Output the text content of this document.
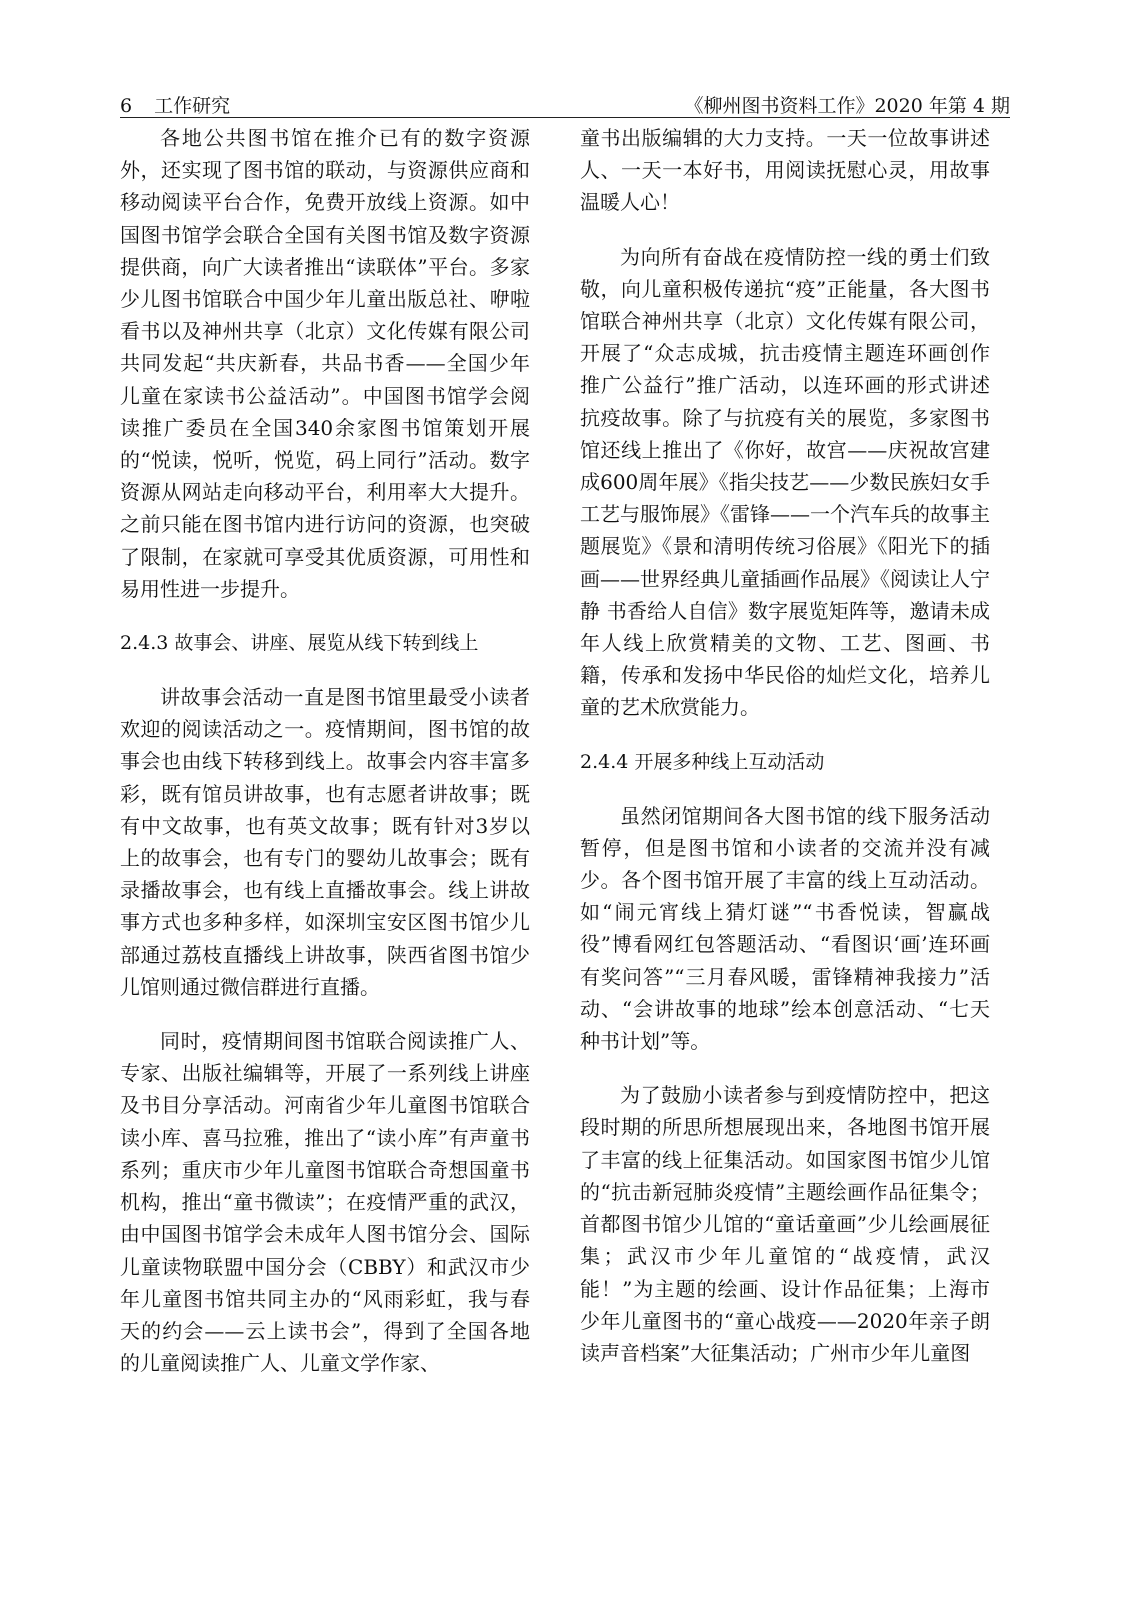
6 工作研究	《柳州图书资料工作》2020 年第 4 期

各地公共图书馆在推介已有的数字资源外，还实现了图书馆的联动，与资源供应商和移动阅读平台合作，免费开放线上资源。如中国图书馆学会联合全国有关图书馆及数字资源提供商，向广大读者推出“读联体”平台。多家少儿图书馆联合中国少年儿童出版总社、咿啦看书以及神州共享（北京）文化传媒有限公司共同发起“共庆新春，共品书香——全国少年儿童在家读书公益活动”。中国图书馆学会阅读推广委员在全国340余家图书馆策划开展的“悦读，悦听，悦览，码上同行”活动。数字资源从网站走向移动平台，利用率大大提升。之前只能在图书馆内进行访问的资源，也突破了限制，在家就可享受其优质资源，可用性和易用性进一步提升。

2.4.3 故事会、讲座、展览从线下转到线上

讲故事会活动一直是图书馆里最受小读者欢迎的阅读活动之一。疫情期间，图书馆的故事会也由线下转移到线上。故事会内容丰富多彩，既有馆员讲故事，也有志愿者讲故事；既有中文故事，也有英文故事；既有针对3岁以上的故事会，也有专门的婴幼儿故事会；既有录播故事会，也有线上直播故事会。线上讲故事方式也多种多样，如深圳宝安区图书馆少儿部通过荔枝直播线上讲故事，陕西省图书馆少儿馆则通过微信群进行直播。

同时，疫情期间图书馆联合阅读推广人、专家、出版社编辑等，开展了一系列线上讲座及书目分享活动。河南省少年儿童图书馆联合读小库、喜马拉雅，推出了“读小库”有声童书系列；重庆市少年儿童图书馆联合奇想国童书机构，推出“童书微读”；在疫情严重的武汉，由中国图书馆学会未成年人图书馆分会、国际儿童读物联盟中国分会（CBBY）和武汉市少年儿童图书馆共同主办的“风雨彩虹，我与春天的约会——云上读书会”，得到了全国各地的儿童阅读推广人、儿童文学作家、

童书出版编辑的大力支持。一天一位故事讲述人、一天一本好书，用阅读抚慰心灵，用故事温暖人心！

为向所有奋战在疫情防控一线的勇士们致敬，向儿童积极传递抗“疫”正能量，各大图书馆联合神州共享（北京）文化传媒有限公司，开展了“众志成城，抗击疫情主题连环画创作推广公益行”推广活动，以连环画的形式讲述抗疫故事。除了与抗疫有关的展览，多家图书馆还线上推出了《你好，故宫——庆祝故宫建成600周年展》《指尖技艺——少数民族妇女手工艺与服饰展》《雷锋——一个汽车兵的故事主题展览》《景和清明传统习俗展》《阳光下的插画——世界经典儿童插画作品展》《阅读让人宁静 书香给人自信》数字展览矩阵等，邀请未成年人线上欣赏精美的文物、工艺、图画、书籍，传承和发扬中华民俗的灿烂文化，培养儿童的艺术欣赏能力。

2.4.4 开展多种线上互动活动

虽然闭馆期间各大图书馆的线下服务活动暂停，但是图书馆和小读者的交流并没有减少。各个图书馆开展了丰富的线上互动活动。如“闹元宵线上猜灯谜”“书香悦读，智赢战役”博看网红包答题活动、“看图识‘画’连环画有奖问答”“三月春风暖，雷锋精神我接力”活动、“会讲故事的地球”绘本创意活动、“七天种书计划”等。

为了鼓励小读者参与到疫情防控中，把这段时期的所思所想展现出来，各地图书馆开展了丰富的线上征集活动。如国家图书馆少儿馆的“抗击新冠肺炎疫情”主题绘画作品征集令；首都图书馆少儿馆的“童话童画”少儿绘画展征集；武汉市少年儿童馆的“战疫情，武汉能！”为主题的绘画、设计作品征集；上海市少年儿童图书的“童心战疫——2020年亲子朗读声音档案”大征集活动；广州市少年儿童图
